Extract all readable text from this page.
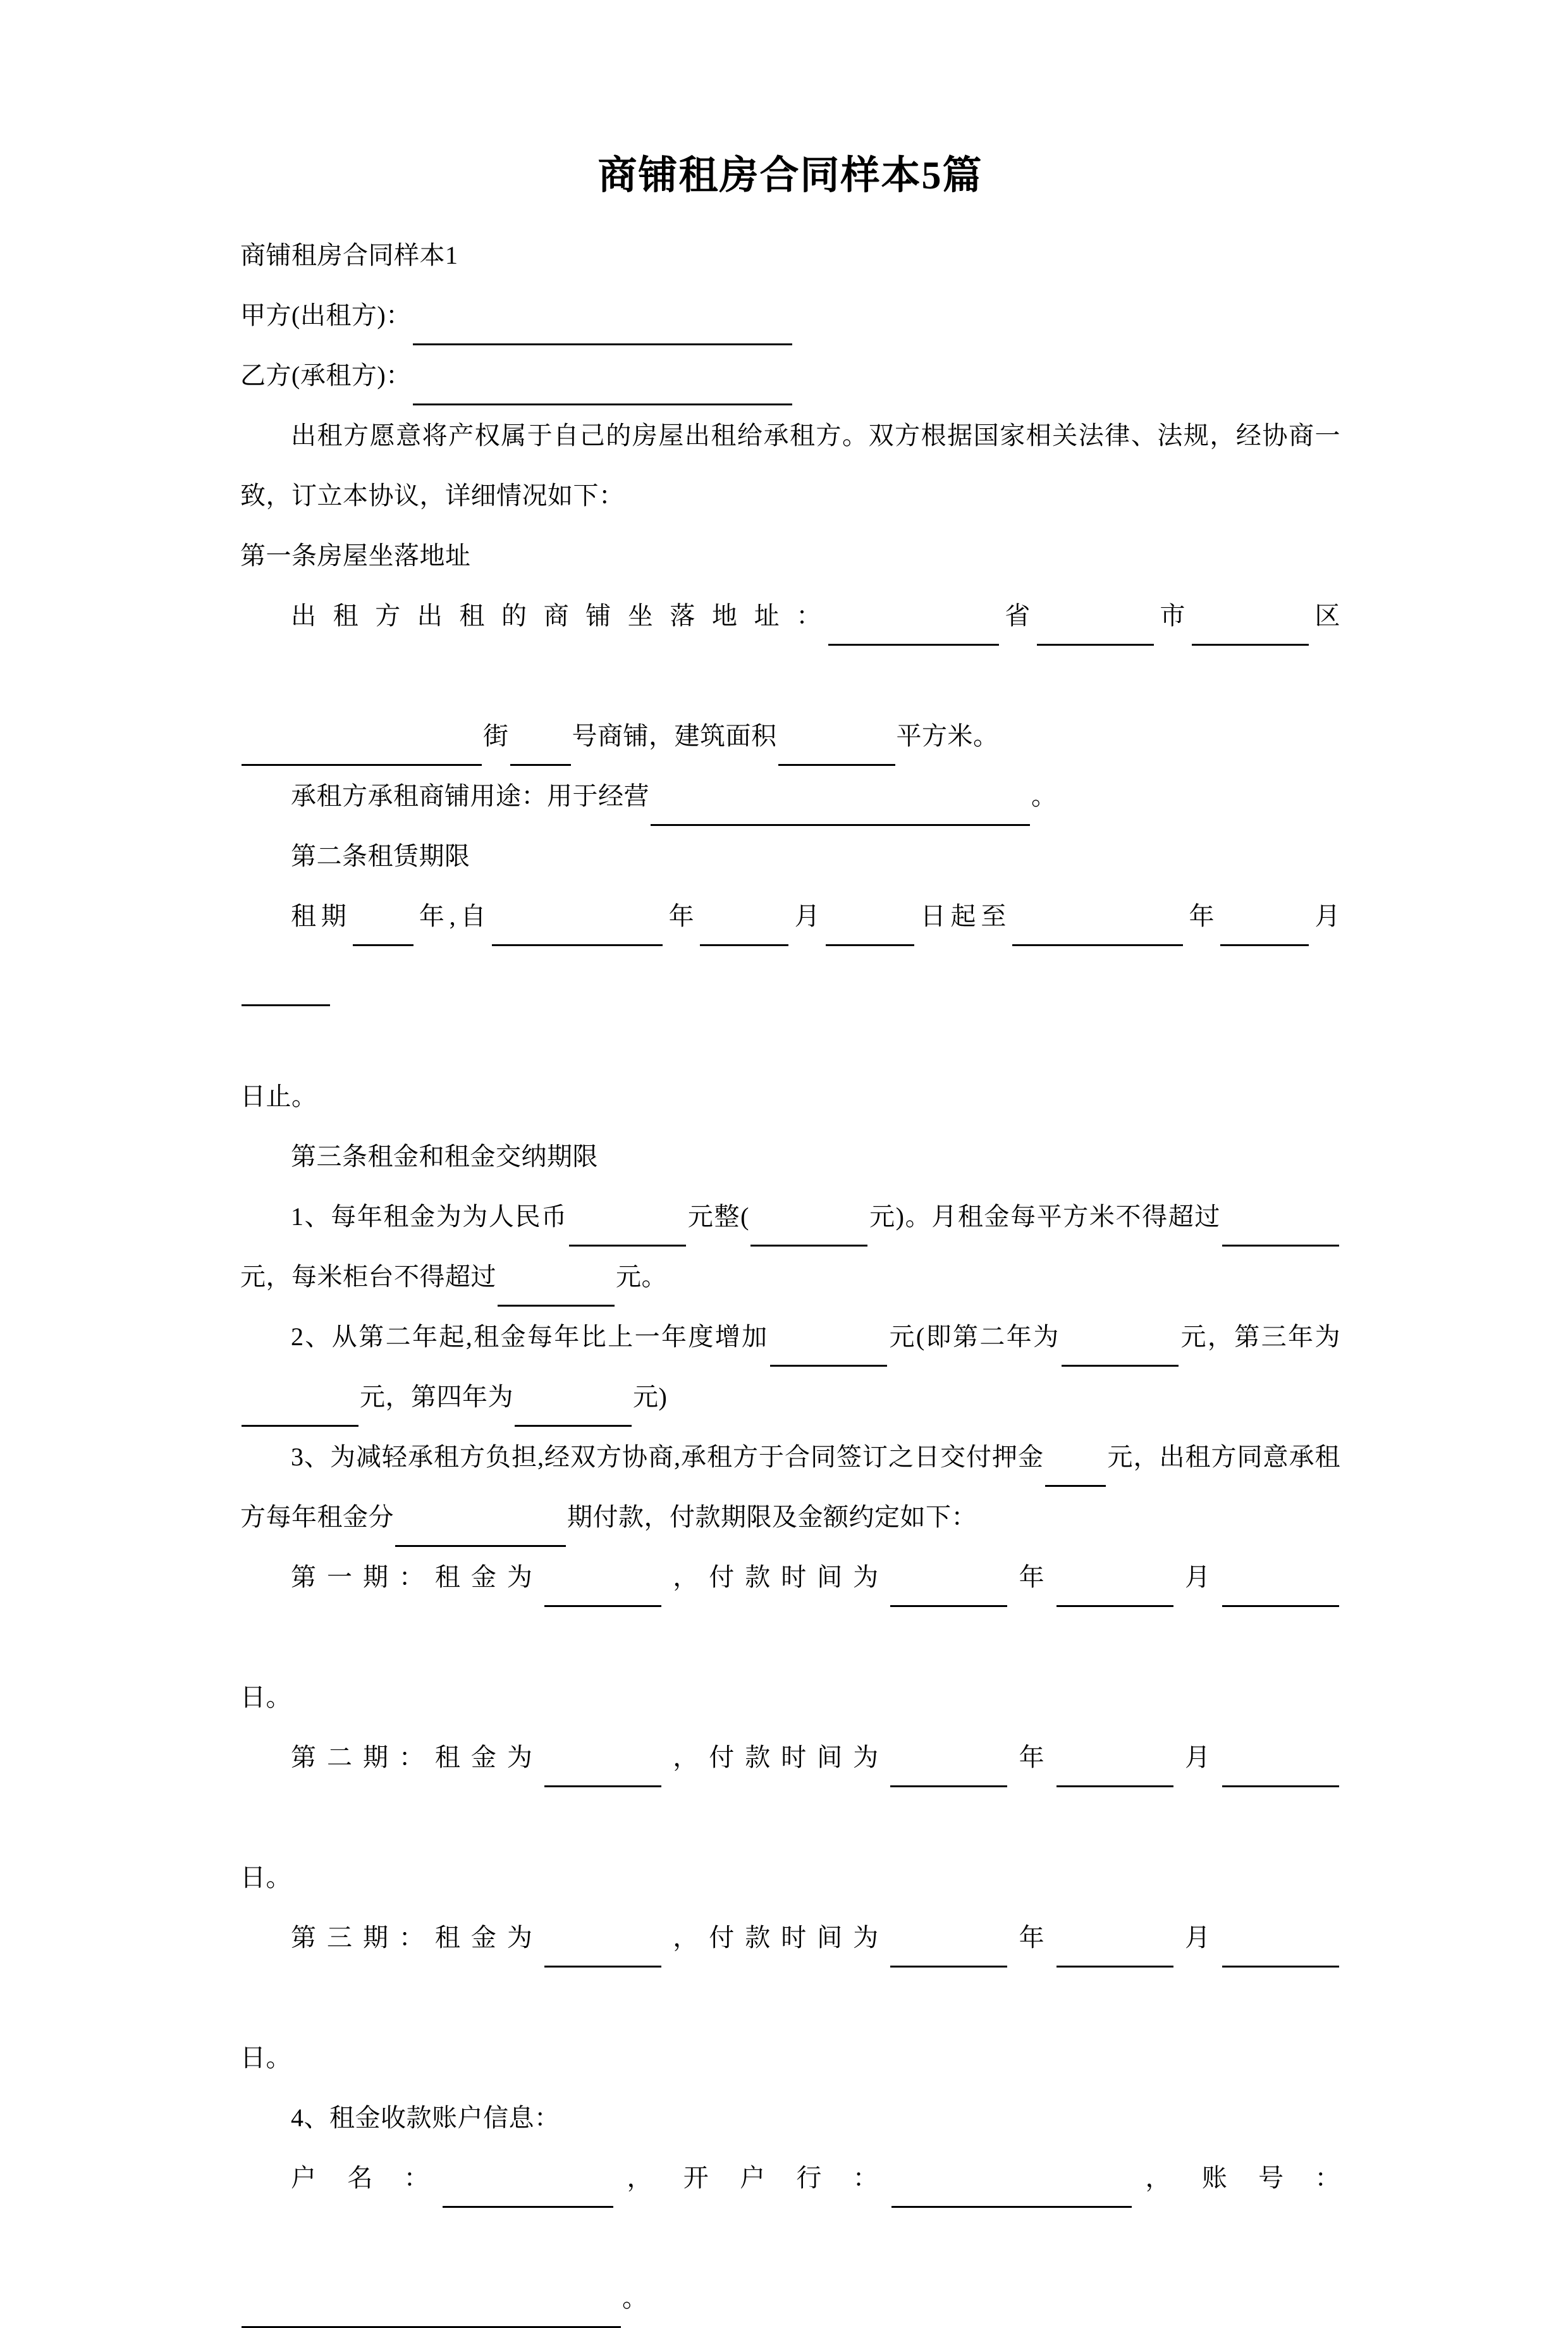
商铺租房合同样本5篇

商铺租房合同样本1

甲方(出租方)：

乙方(承租方)：

出租方愿意将产权属于自己的房屋出租给承租方。双方根据国家相关法律、法规，经协商一致，订立本协议，详细情况如下：

第一条房屋坐落地址

出 租 方 出 租 的 商 铺 坐 落 地 址 ：	省	市	区

街	号商铺，建筑面积	平方米。

承租方承租商铺用途：用于经营	。

第二条租赁期限

租期	年,自	年	月	日起至	年	月

日止。

第三条租金和租金交纳期限

1、每年租金为为人民币	元整(	元)。月租金每平方米不得超过元，每米柜台不得超过	元。

2、从第二年起,租金每年比上一年度增加	元(即第二年为	元，第三年为元，第四年为	元)

3、为减轻承租方负担,经双方协商,承租方于合同签订之日交付押金	元，出租方同意承租方每年租金分	期付款，付款期限及金额约定如下：

第一期：租金为	，付款时间为	年	月

日。

第二期：租金为	，付款时间为	年	月

日。

第三期：租金为	，付款时间为	年	月

日。

4、租金收款账户信息：

户 名 ：	， 开 户 行 ：	， 账 号 ：

。
